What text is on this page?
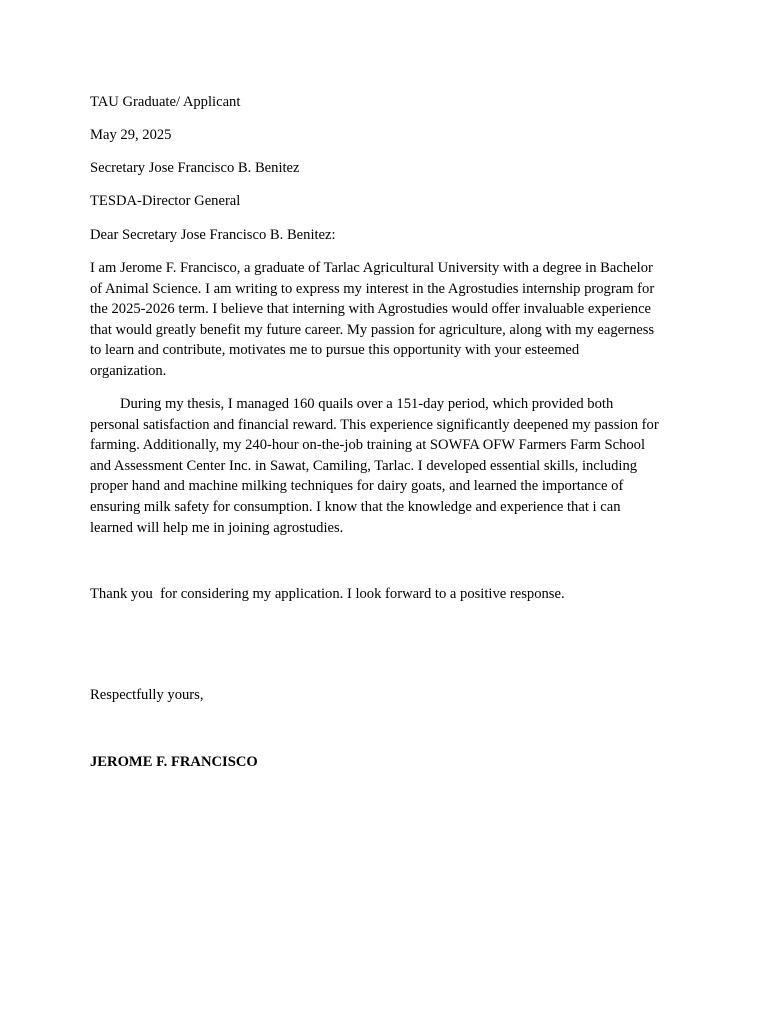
TAU Graduate/ Applicant
May 29, 2025
Secretary Jose Francisco B. Benitez
TESDA-Director General
Dear Secretary Jose Francisco B. Benitez:
I am Jerome F. Francisco, a graduate of Tarlac Agricultural University with a degree in Bachelor
of Animal Science. I am writing to express my interest in the Agrostudies internship program for
the 2025-2026 term. I believe that interning with Agrostudies would offer invaluable experience
that would greatly benefit my future career. My passion for agriculture, along with my eagerness
to learn and contribute, motivates me to pursue this opportunity with your esteemed
organization.
During my thesis, I managed 160 quails over a 151-day period, which provided both
personal satisfaction and financial reward. This experience significantly deepened my passion for
farming. Additionally, my 240-hour on-the-job training at SOWFA OFW Farmers Farm School
and Assessment Center Inc. in Sawat, Camiling, Tarlac. I developed essential skills, including
proper hand and machine milking techniques for dairy goats, and learned the importance of
ensuring milk safety for consumption. I know that the knowledge and experience that i can
learned will help me in joining agrostudies.
Thank you  for considering my application. I look forward to a positive response.
Respectfully yours,
JEROME F. FRANCISCO
